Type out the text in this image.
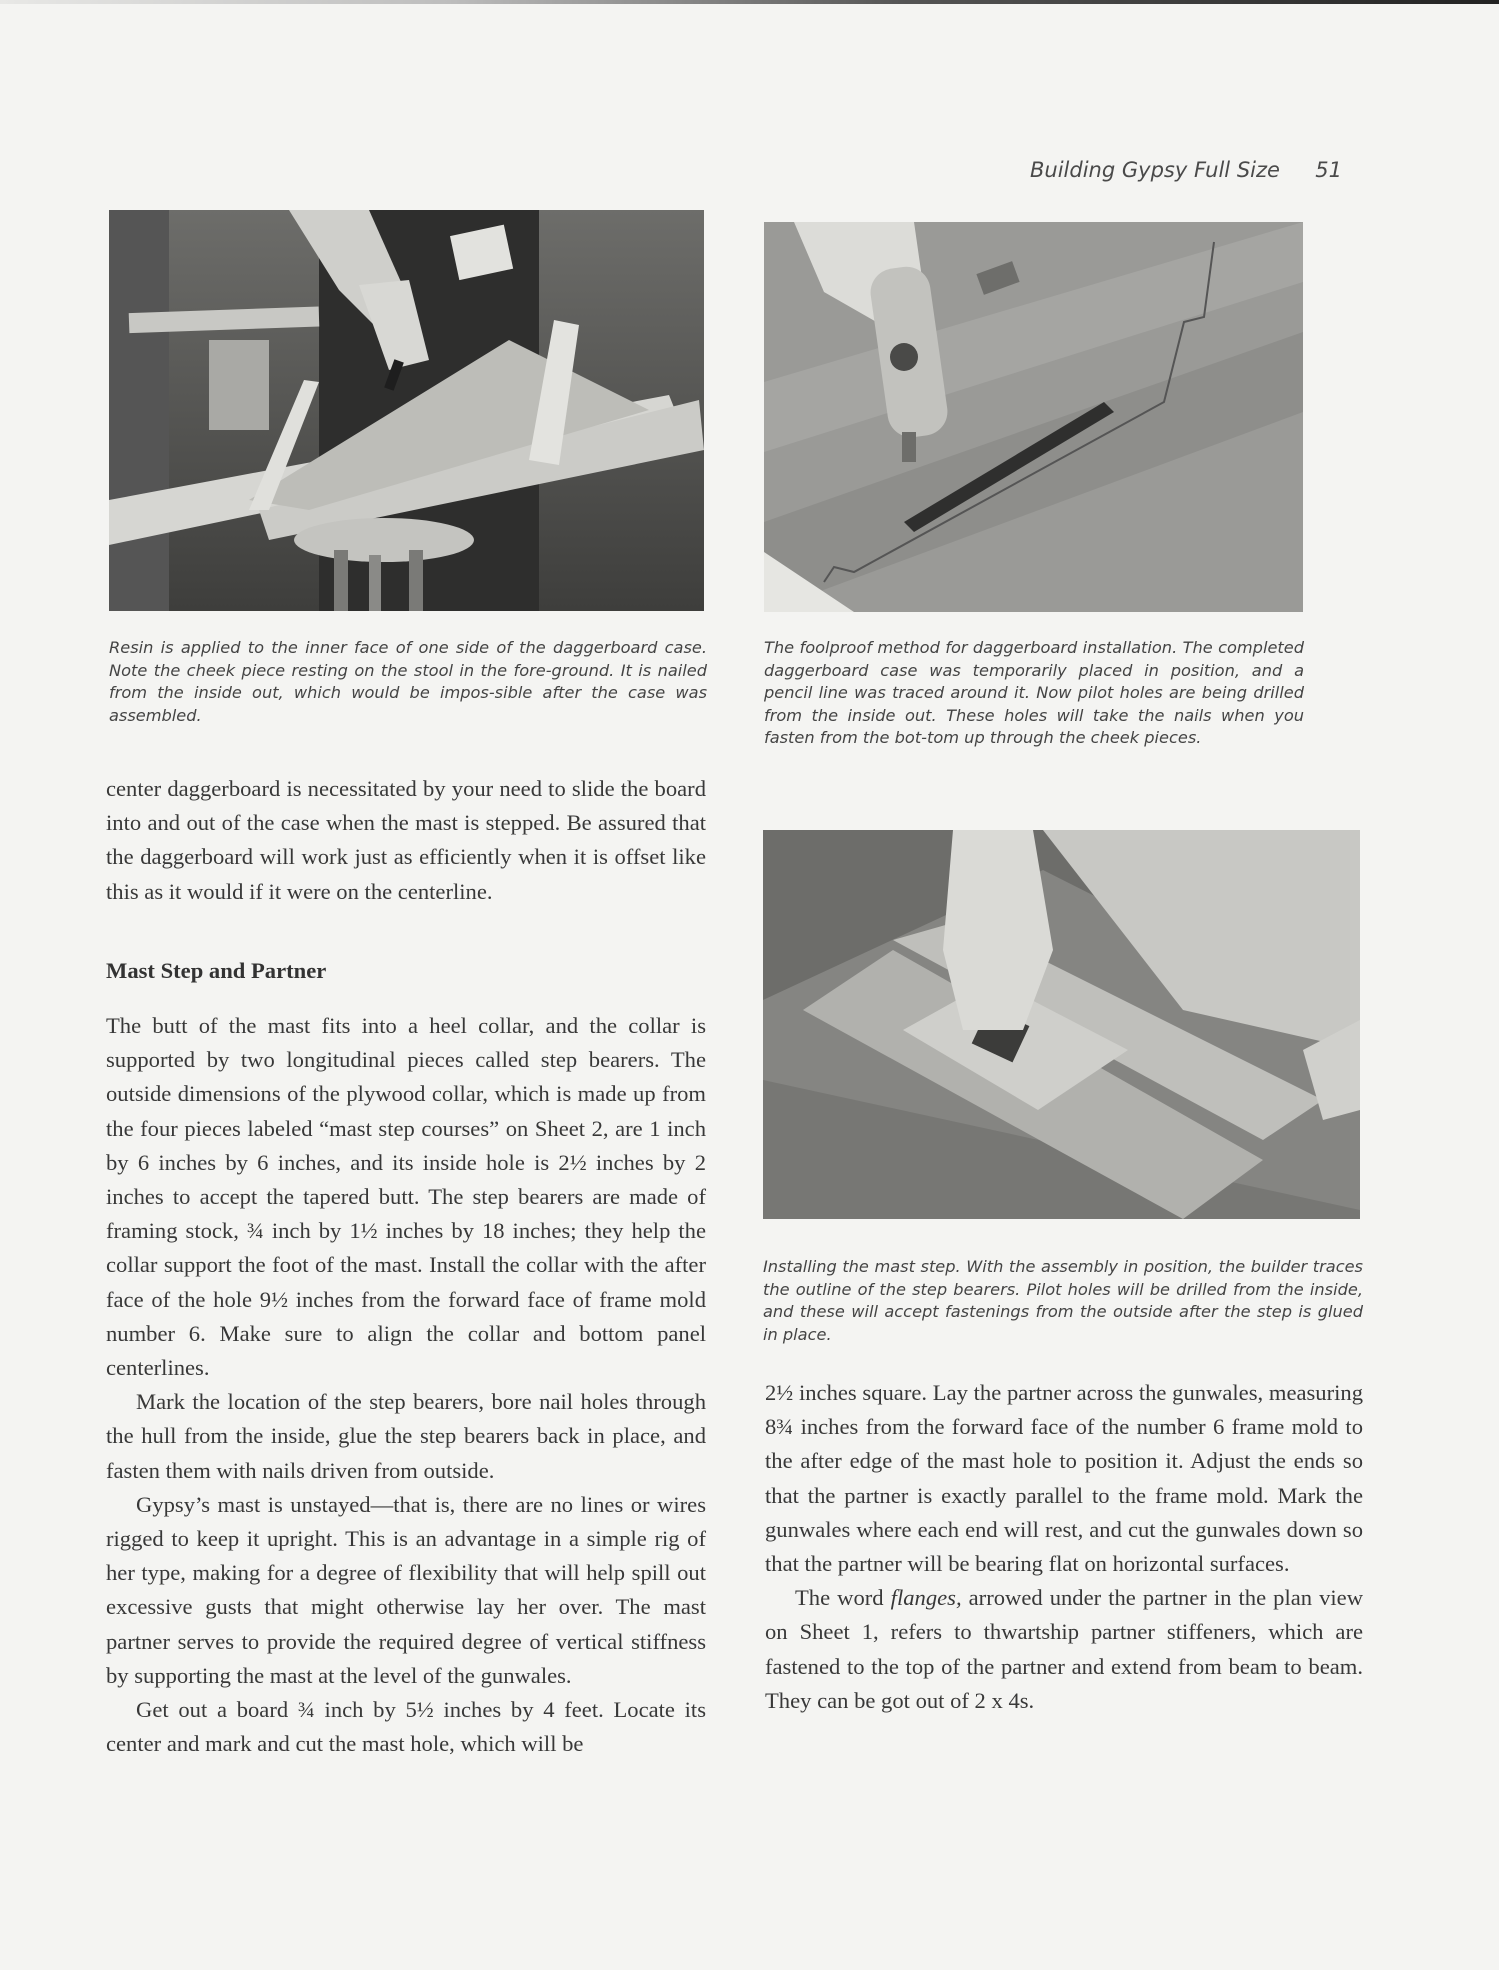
Building Gypsy Full Size 51
Resin is applied to the inner face of one side of the daggerboard case. Note the cheek piece resting on the stool in the fore-ground. It is nailed from the inside out, which would be impos-sible after the case was assembled.
The foolproof method for daggerboard installation. The completed daggerboard case was temporarily placed in position, and a pencil line was traced around it. Now pilot holes are being drilled from the inside out. These holes will take the nails when you fasten from the bot-tom up through the cheek pieces.
Installing the mast step. With the assembly in position, the builder traces the outline of the step bearers. Pilot holes will be drilled from the inside, and these will accept fastenings from the outside after the step is glued in place.

center daggerboard is necessitated by your need to slide the board into and out of the case when the mast is stepped. Be assured that the daggerboard will work just as efficiently when it is offset like this as it would if it were on the centerline.

Mast Step and Partner

The butt of the mast fits into a heel collar, and the collar is supported by two longitudinal pieces called step bearers. The outside dimensions of the plywood collar, which is made up from the four pieces labeled “mast step courses” on Sheet 2, are 1 inch by 6 inches by 6 inches, and its inside hole is 2½ inches by 2 inches to accept the tapered butt. The step bearers are made of framing stock, ¾ inch by 1½ inches by 18 inches; they help the collar support the foot of the mast. Install the collar with the after face of the hole 9½ inches from the forward face of frame mold number 6. Make sure to align the collar and bottom panel centerlines.

Mark the location of the step bearers, bore nail holes through the hull from the inside, glue the step bearers back in place, and fasten them with nails driven from outside.

Gypsy’s mast is unstayed—that is, there are no lines or wires rigged to keep it upright. This is an advantage in a simple rig of her type, making for a degree of flexibility that will help spill out excessive gusts that might otherwise lay her over. The mast partner serves to provide the required degree of vertical stiffness by supporting the mast at the level of the gunwales.

Get out a board ¾ inch by 5½ inches by 4 feet. Locate its center and mark and cut the mast hole, which will be

2½ inches square. Lay the partner across the gunwales, measuring 8¾ inches from the forward face of the number 6 frame mold to the after edge of the mast hole to position it. Adjust the ends so that the partner is exactly parallel to the frame mold. Mark the gunwales where each end will rest, and cut the gunwales down so that the partner will be bearing flat on horizontal surfaces.

The word flanges, arrowed under the partner in the plan view on Sheet 1, refers to thwartship partner stiffeners, which are fastened to the top of the partner and extend from beam to beam. They can be got out of 2 x 4s.
